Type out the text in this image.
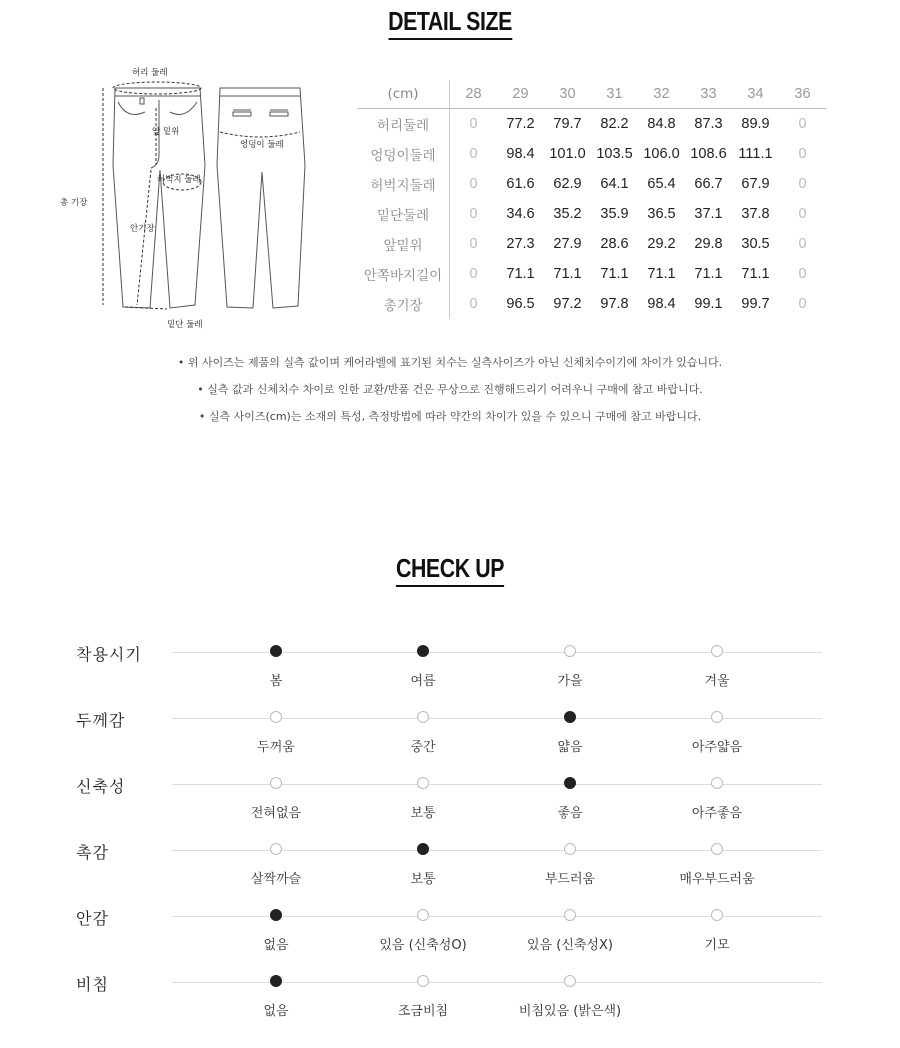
DETAIL SIZE
허리 둘레
앞 밑위
허벅지 둘레
총 기장
안기장
밑단 둘레
엉덩이 둘레
(cm)	28	29	30	31	32	33	34	36
허리둘레	0	77.2	79.7	82.2	84.8	87.3	89.9	0
엉덩이둘레	0	98.4	101.0	103.5	106.0	108.6	111.1	0
허벅지둘레	0	61.6	62.9	64.1	65.4	66.7	67.9	0
밑단둘레	0	34.6	35.2	35.9	36.5	37.1	37.8	0
앞밑위	0	27.3	27.9	28.6	29.2	29.8	30.5	0
안쪽바지길이	0	71.1	71.1	71.1	71.1	71.1	71.1	0
총기장	0	96.5	97.2	97.8	98.4	99.1	99.7	0
• 위 사이즈는 제품의 실측 값이며 케어라벨에 표기된 치수는 실측사이즈가 아닌 신체치수이기에 차이가 있습니다.
• 실측 값과 신체치수 차이로 인한 교환/반품 건은 무상으로 진행해드리기 어려우니 구매에 참고 바랍니다.
• 실측 사이즈(cm)는 소재의 특성, 측정방법에 따라 약간의 차이가 있을 수 있으니 구매에 참고 바랍니다.
CHECK UP
착용시기
봄	여름	가을	겨울
두께감
두꺼움	중간	얇음	아주얇음
신축성
전혀없음	보통	좋음	아주좋음
촉감
살짝까슬	보통	부드러움	매우부드러움
안감
없음	있음 (신축성O)	있음 (신축성X)	기모
비침
없음	조금비침	비침있음 (밝은색)
